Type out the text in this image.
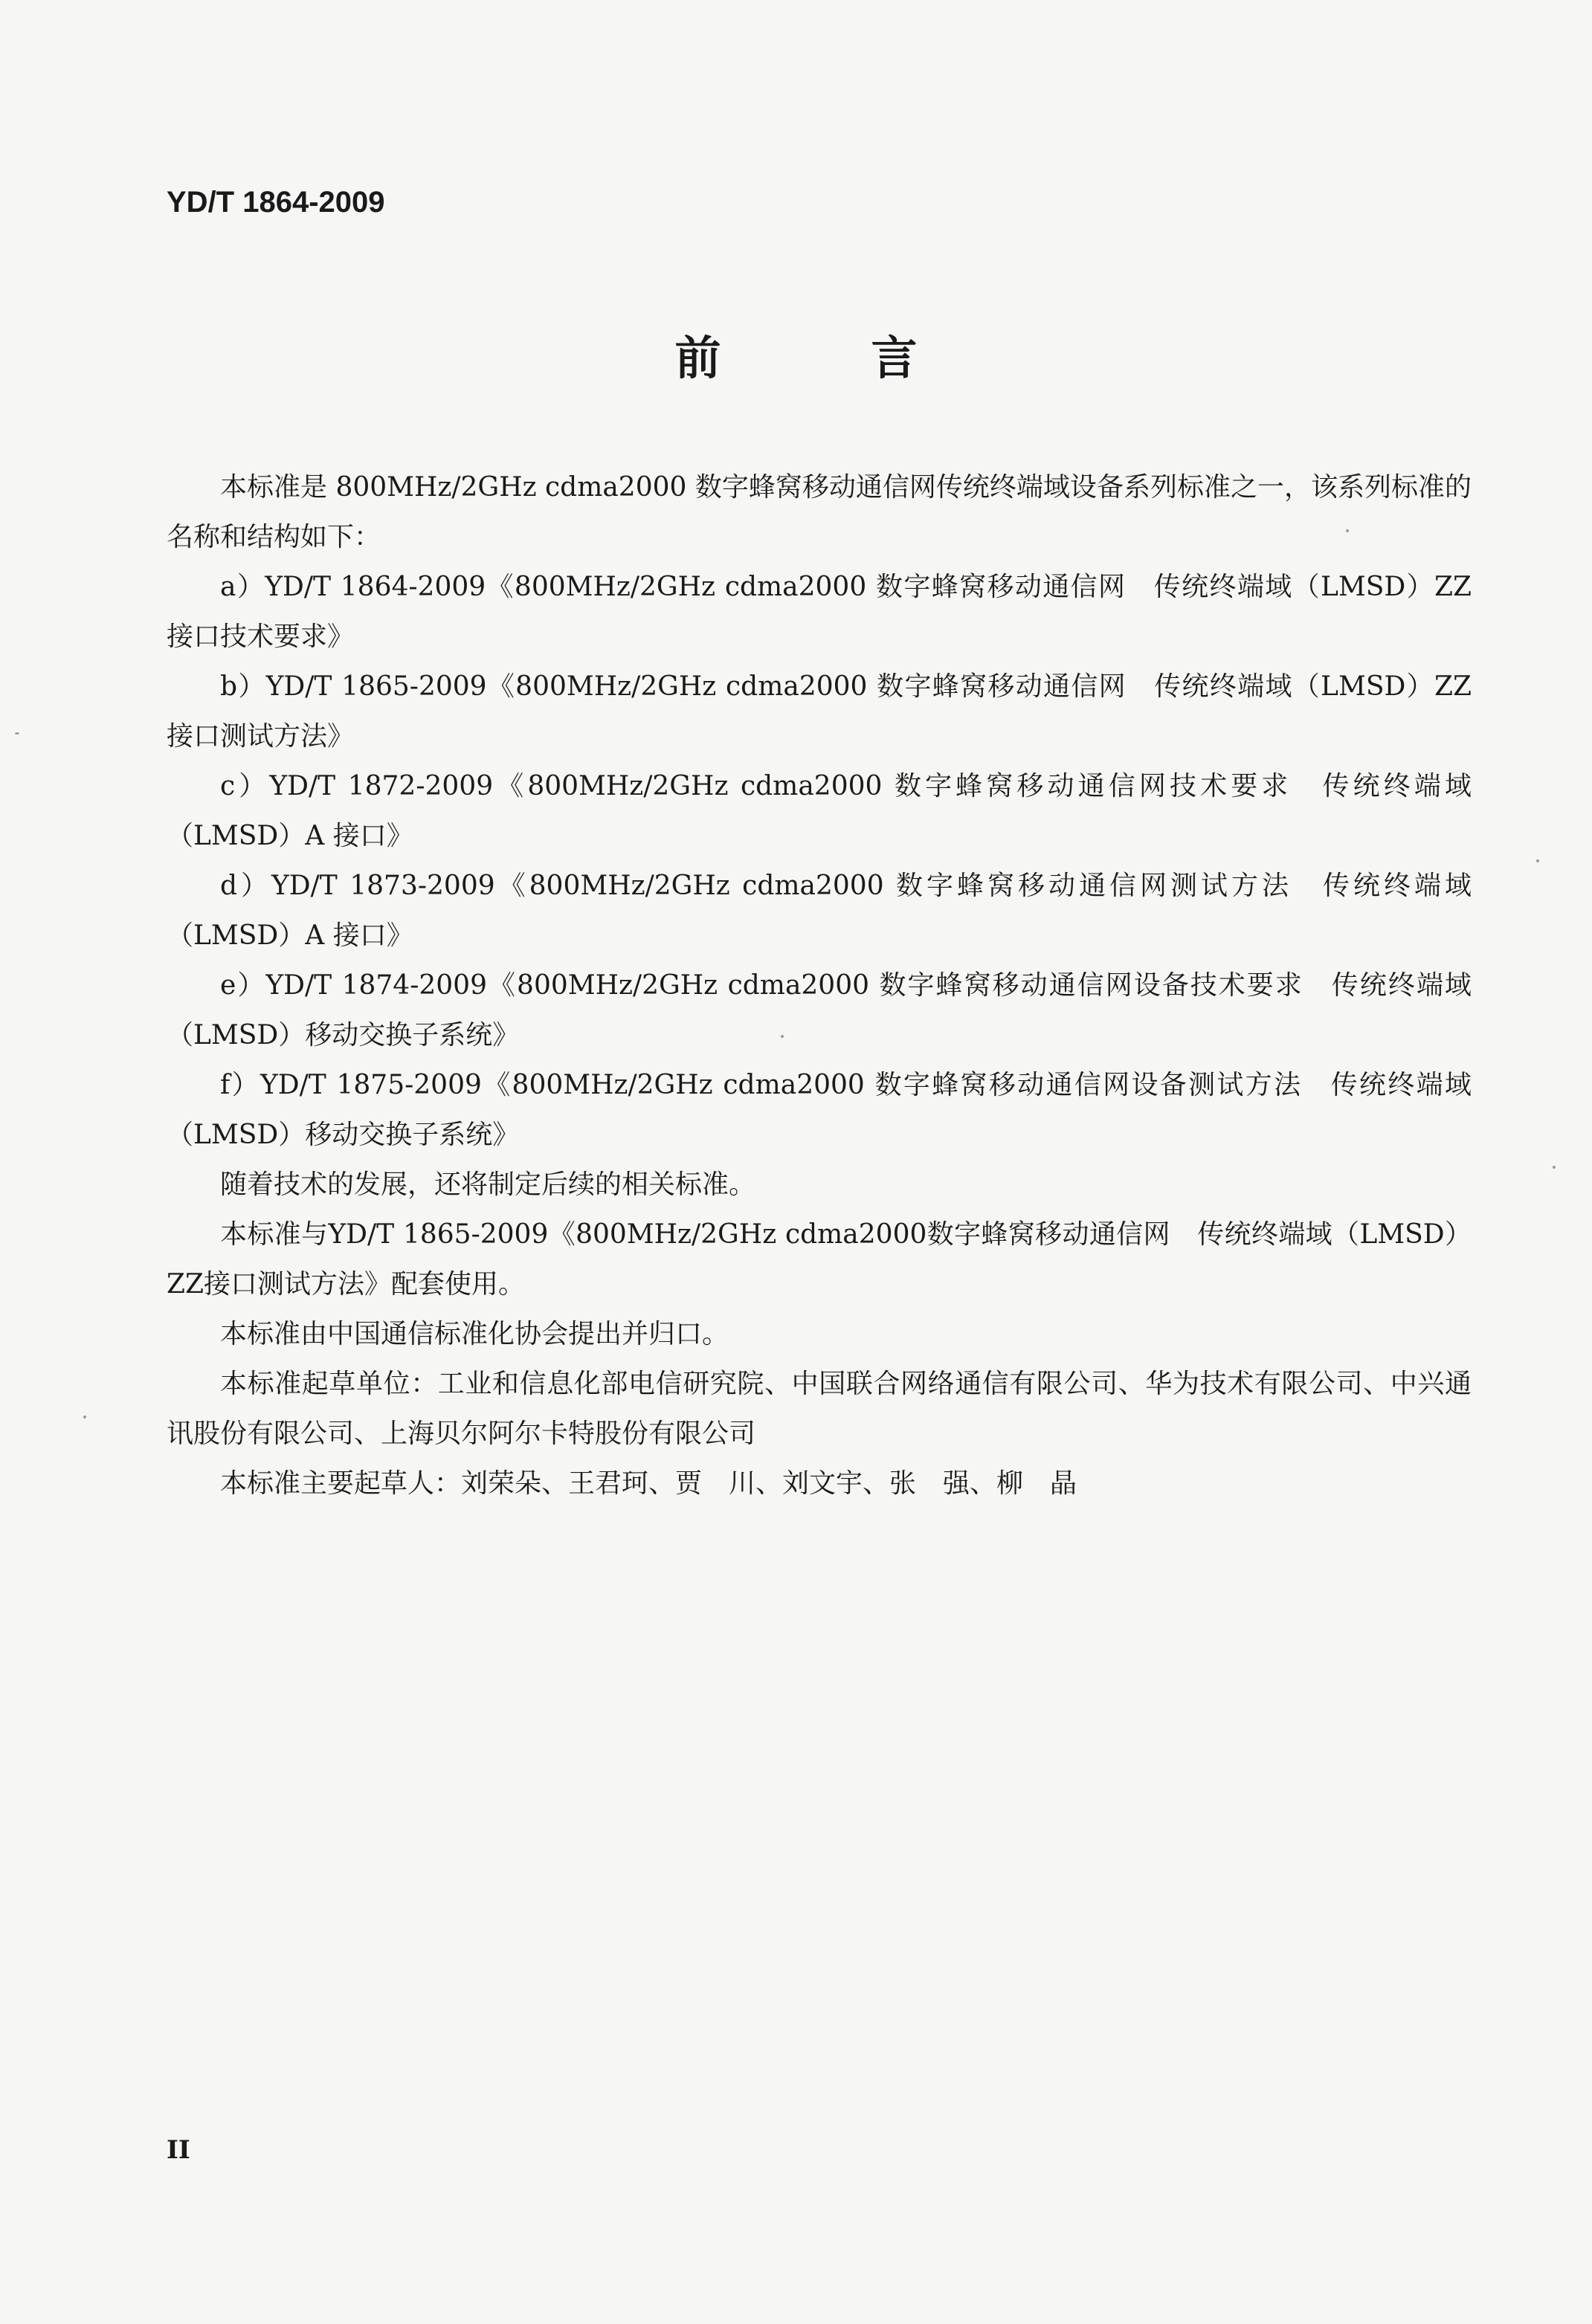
YD/T 1864-2009
前　言

本标准是 800MHz/2GHz cdma2000 数字蜂窝移动通信网传统终端域设备系列标准之一，该系列标准的名称和结构如下：

a）YD/T 1864-2009《800MHz/2GHz cdma2000 数字蜂窝移动通信网　传统终端域（LMSD）ZZ 接口技术要求》

b）YD/T 1865-2009《800MHz/2GHz cdma2000 数字蜂窝移动通信网　传统终端域（LMSD）ZZ 接口测试方法》

c）YD/T 1872-2009《800MHz/2GHz cdma2000 数字蜂窝移动通信网技术要求　传统终端域（LMSD）A 接口》

d）YD/T 1873-2009《800MHz/2GHz cdma2000 数字蜂窝移动通信网测试方法　传统终端域（LMSD）A 接口》

e）YD/T 1874-2009《800MHz/2GHz cdma2000 数字蜂窝移动通信网设备技术要求　传统终端域（LMSD）移动交换子系统》

f）YD/T 1875-2009《800MHz/2GHz cdma2000 数字蜂窝移动通信网设备测试方法　传统终端域（LMSD）移动交换子系统》

随着技术的发展，还将制定后续的相关标准。

本标准与YD/T 1865-2009《800MHz/2GHz cdma2000数字蜂窝移动通信网　传统终端域（LMSD）ZZ接口测试方法》配套使用。

本标准由中国通信标准化协会提出并归口。

本标准起草单位：工业和信息化部电信研究院、中国联合网络通信有限公司、华为技术有限公司、中兴通讯股份有限公司、上海贝尔阿尔卡特股份有限公司

本标准主要起草人：刘荣朵、王君珂、贾　川、刘文宇、张　强、柳　晶

II
